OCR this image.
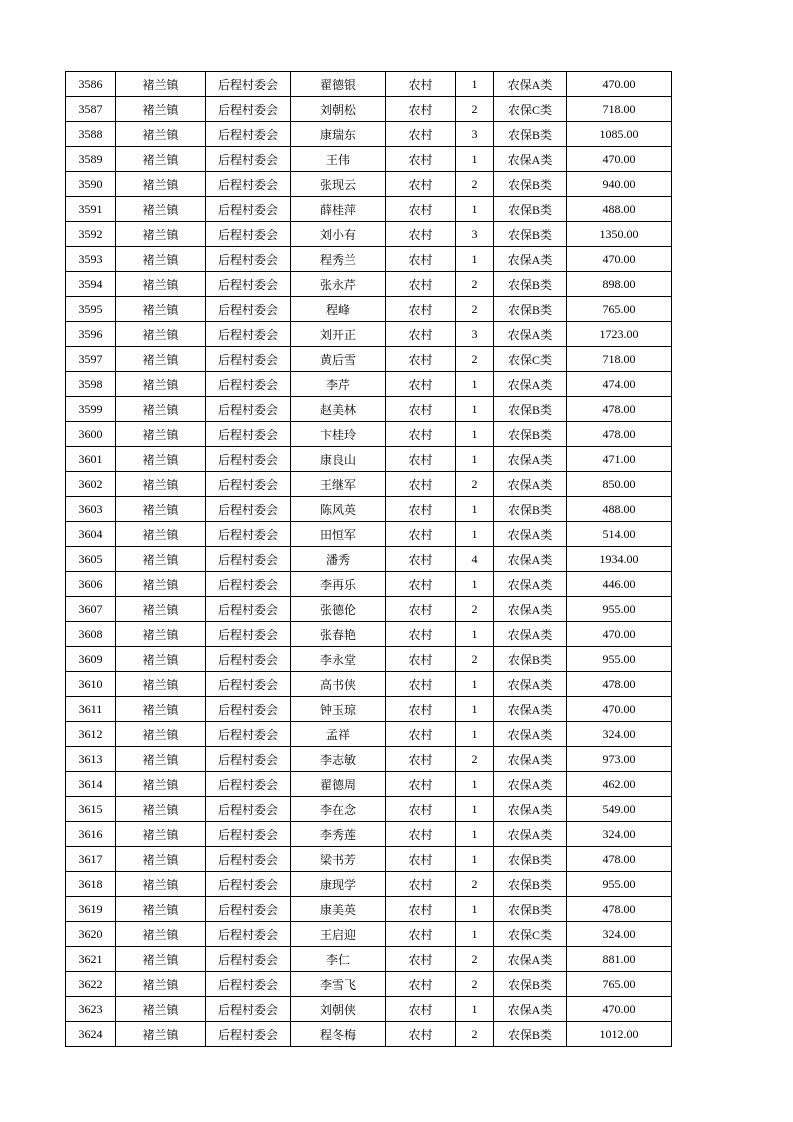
3586	褚兰镇	后程村委会	翟德银	农村	1	农保A类	470.00
3587	褚兰镇	后程村委会	刘朝松	农村	2	农保C类	718.00
3588	褚兰镇	后程村委会	康瑞东	农村	3	农保B类	1085.00
3589	褚兰镇	后程村委会	王伟	农村	1	农保A类	470.00
3590	褚兰镇	后程村委会	张现云	农村	2	农保B类	940.00
3591	褚兰镇	后程村委会	薛桂萍	农村	1	农保B类	488.00
3592	褚兰镇	后程村委会	刘小有	农村	3	农保B类	1350.00
3593	褚兰镇	后程村委会	程秀兰	农村	1	农保A类	470.00
3594	褚兰镇	后程村委会	张永芹	农村	2	农保B类	898.00
3595	褚兰镇	后程村委会	程峰	农村	2	农保B类	765.00
3596	褚兰镇	后程村委会	刘开正	农村	3	农保A类	1723.00
3597	褚兰镇	后程村委会	黄后雪	农村	2	农保C类	718.00
3598	褚兰镇	后程村委会	李芹	农村	1	农保A类	474.00
3599	褚兰镇	后程村委会	赵美林	农村	1	农保B类	478.00
3600	褚兰镇	后程村委会	卞桂玲	农村	1	农保B类	478.00
3601	褚兰镇	后程村委会	康良山	农村	1	农保A类	471.00
3602	褚兰镇	后程村委会	王继军	农村	2	农保A类	850.00
3603	褚兰镇	后程村委会	陈风英	农村	1	农保B类	488.00
3604	褚兰镇	后程村委会	田恒军	农村	1	农保A类	514.00
3605	褚兰镇	后程村委会	潘秀	农村	4	农保A类	1934.00
3606	褚兰镇	后程村委会	李再乐	农村	1	农保A类	446.00
3607	褚兰镇	后程村委会	张德伦	农村	2	农保A类	955.00
3608	褚兰镇	后程村委会	张春艳	农村	1	农保A类	470.00
3609	褚兰镇	后程村委会	李永堂	农村	2	农保B类	955.00
3610	褚兰镇	后程村委会	高书侠	农村	1	农保A类	478.00
3611	褚兰镇	后程村委会	钟玉琼	农村	1	农保A类	470.00
3612	褚兰镇	后程村委会	孟祥	农村	1	农保A类	324.00
3613	褚兰镇	后程村委会	李志敏	农村	2	农保A类	973.00
3614	褚兰镇	后程村委会	翟德周	农村	1	农保A类	462.00
3615	褚兰镇	后程村委会	李在念	农村	1	农保A类	549.00
3616	褚兰镇	后程村委会	李秀莲	农村	1	农保A类	324.00
3617	褚兰镇	后程村委会	梁书芳	农村	1	农保B类	478.00
3618	褚兰镇	后程村委会	康现学	农村	2	农保B类	955.00
3619	褚兰镇	后程村委会	康美英	农村	1	农保B类	478.00
3620	褚兰镇	后程村委会	王启迎	农村	1	农保C类	324.00
3621	褚兰镇	后程村委会	李仁	农村	2	农保A类	881.00
3622	褚兰镇	后程村委会	李雪飞	农村	2	农保B类	765.00
3623	褚兰镇	后程村委会	刘朝侠	农村	1	农保A类	470.00
3624	褚兰镇	后程村委会	程冬梅	农村	2	农保B类	1012.00
